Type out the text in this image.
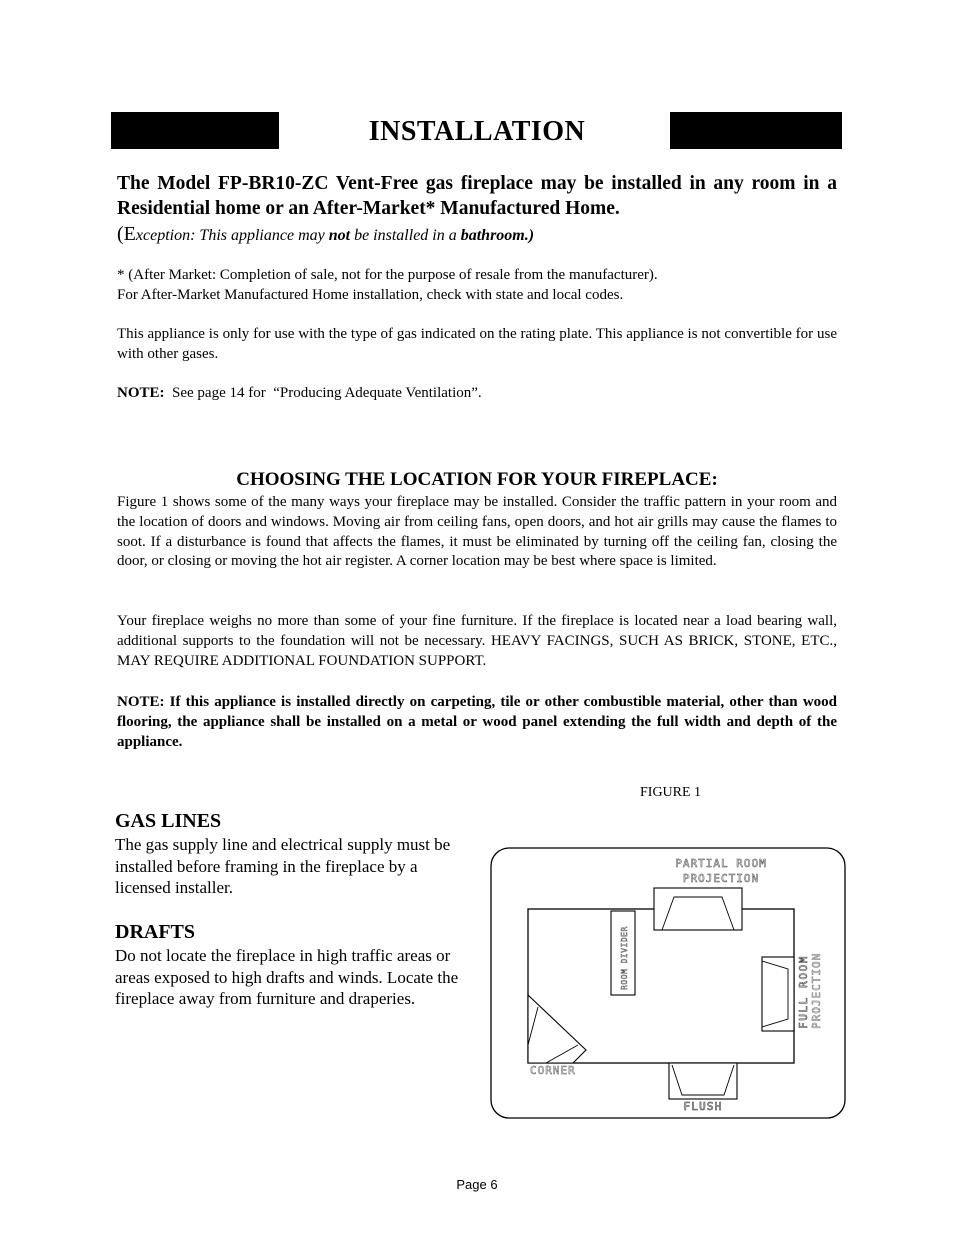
INSTALLATION
The Model FP-BR10-ZC Vent-Free gas fireplace may be installed in any room in a Residential home or an After-Market* Manufactured Home.
(Exception: This appliance may not be installed in a bathroom.)
* (After Market: Completion of sale, not for the purpose of resale from the manufacturer).
For After-Market Manufactured Home installation, check with state and local codes.
This appliance is only for use with the type of gas indicated on the rating plate. This appliance is not convertible for use with other gases.
NOTE:  See page 14 for  “Producing Adequate Ventilation”.
CHOOSING THE LOCATION FOR YOUR FIREPLACE:
Figure 1 shows some of the many ways your fireplace may be installed. Consider the traffic pattern in your room and the location of doors and windows. Moving air from ceiling fans, open doors, and hot air grills may cause the flames to soot. If a disturbance is found that affects the flames, it must be eliminated by turning off the ceiling fan, closing the door, or closing or moving the hot air register. A corner location may be best where space is limited.
Your fireplace weighs no more than some of your fine furniture. If the fireplace is located near a load bearing wall, additional supports to the foundation will not be necessary. HEAVY FACINGS, SUCH AS BRICK, STONE, ETC., MAY REQUIRE ADDITIONAL FOUNDATION SUPPORT.
NOTE: If this appliance is installed directly on carpeting, tile or other combustible material, other than wood flooring, the appliance shall be installed on a metal or wood panel extending the full width and depth of the appliance.
FIGURE 1
GAS LINES
The gas supply line and electrical supply must be installed before framing in the fireplace by a licensed installer.
DRAFTS
Do not locate the fireplace in high traffic areas or areas exposed to high drafts and winds. Locate the fireplace away from furniture and draperies.
PARTIAL ROOM
PROJECTION
ROOM DIVIDER	FULL ROOM PROJECTION
CORNER
FLUSH
Page 6
